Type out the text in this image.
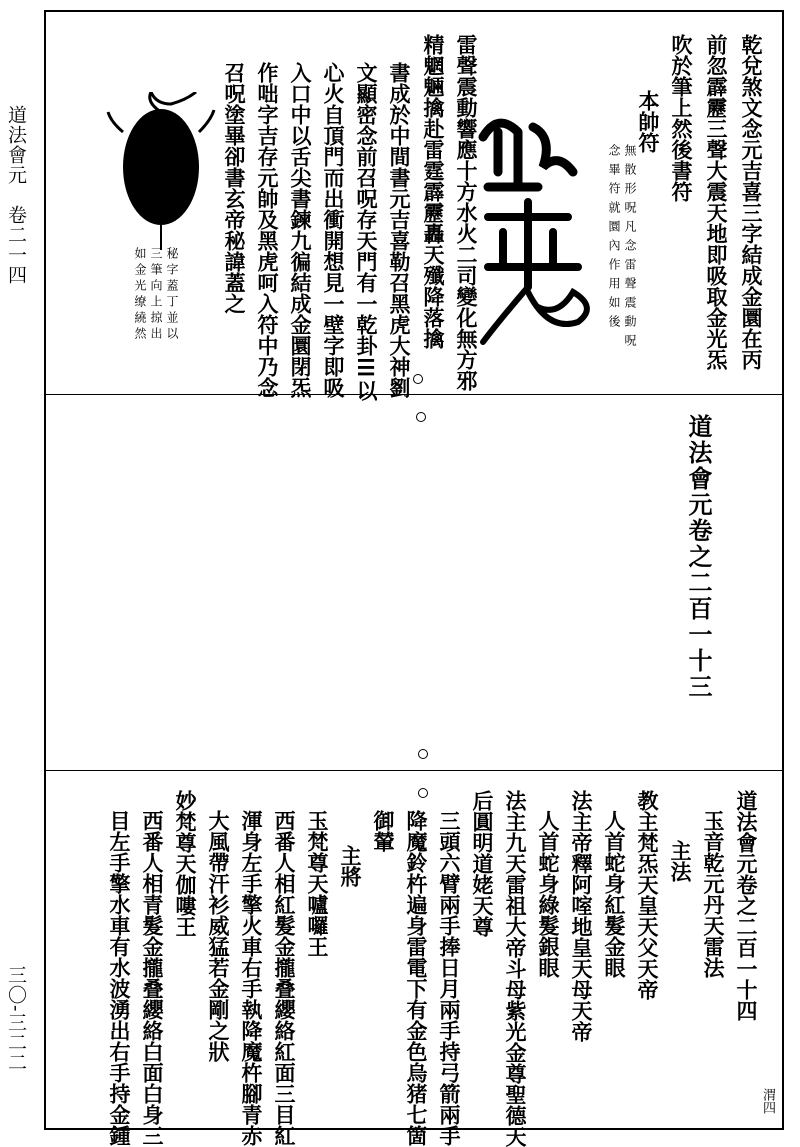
道法會元　卷二一四
三〇-三二二
乾兌煞文念元吉喜三字結成金圜在丙
前忽霹靂三聲大震天地即吸取金光炁
吹於筆上然後書符
本帥符
無散形呪凡念雷聲震動呪
念畢符就圜內作用如後
雷聲震動響應十方水火二司變化無方邪
精魍魎擒赴雷霆霹靂轟天殲降落擒
書成於中間書元吉喜勒召黑虎大神劉
文顯密念前召呪存天門有一乾卦☰以
心火自頂門而出衝開想見一壁字即吸
入口中以舌尖書鍊九徧結成金圜閉炁
作咄字吉存元帥及黑虎呵入符中乃念
召呪塗畢卻書玄帝秘諱蓋之
秘字蓋丁並以
三筆向上掠出
如金光缭繞然
道法會元卷之二百一十三
道法會元卷之二百一十四
玉音乾元丹天雷法
主法
教主梵炁天皇天父天帝
人首蛇身紅髮金眼
法主帝釋阿㗌地皇天母天帝
人首蛇身綠髮銀眼
法主九天雷祖大帝斗母紫光金尊聖德天
后圓明道姥天尊
三頭六臂兩手捧日月兩手持弓箭兩手
降魔鈴杵遍身雷電下有金色烏猪七箇
御輦
主將
玉梵尊天嚧囉王
西番人相紅髮金攏叠纓絡紅面三目紅
渾身左手擎火車右手執降魔杵腳青赤
大風帶汗衫威猛若金剛之狀
妙梵尊天伽嘍王
西番人相青髮金攏叠纓絡白面白身三
目左手擎水車有水波湧出右手持金鍾	渭四
